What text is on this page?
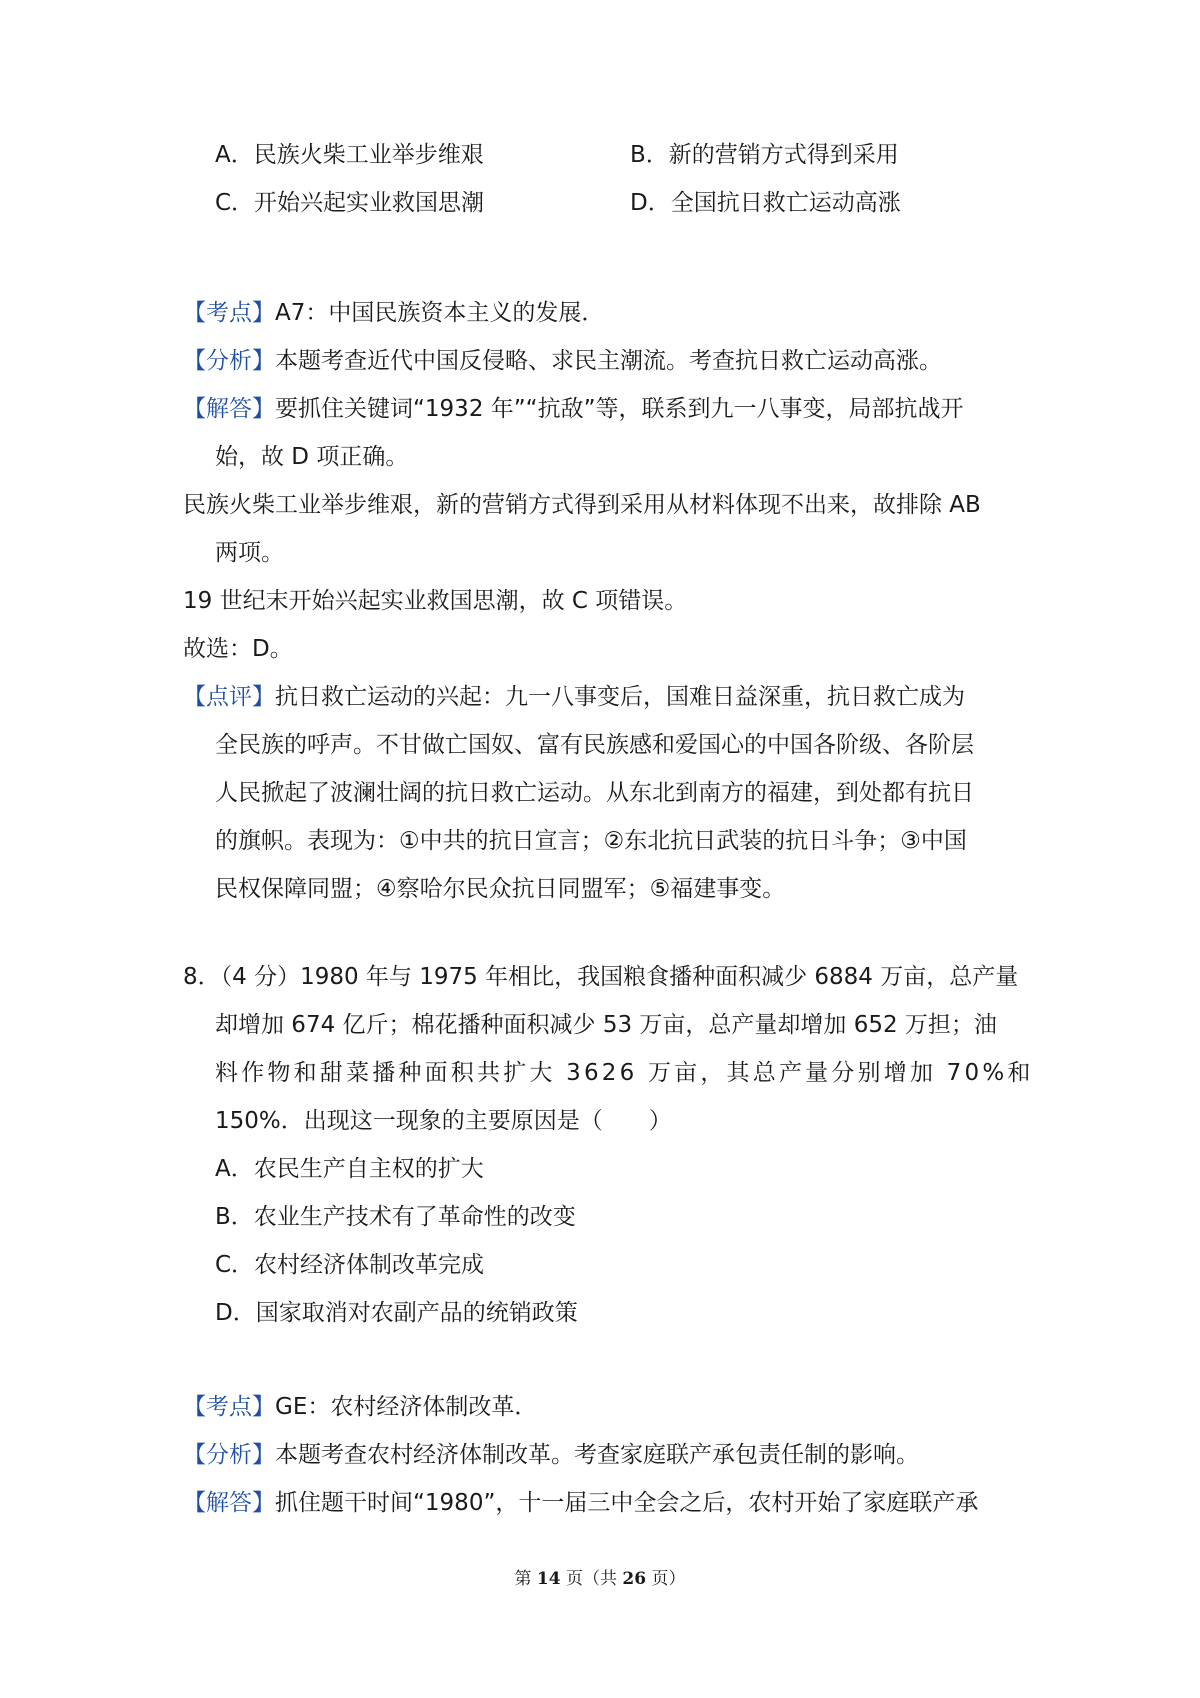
A．民族火柴工业举步维艰	B．新的营销方式得到采用
C．开始兴起实业救国思潮	D．全国抗日救亡运动高涨
【考点】A7：中国民族资本主义的发展．
【分析】本题考查近代中国反侵略、求民主潮流。考查抗日救亡运动高涨。
【解答】要抓住关键词“1932 年”“抗敌”等，联系到九一八事变，局部抗战开
始，故 D 项正确。
民族火柴工业举步维艰，新的营销方式得到采用从材料体现不出来，故排除 AB
两项。
19 世纪末开始兴起实业救国思潮，故 C 项错误。
故选：D。
【点评】抗日救亡运动的兴起：九一八事变后，国难日益深重，抗日救亡成为
全民族的呼声。不甘做亡国奴、富有民族感和爱国心的中国各阶级、各阶层
人民掀起了波澜壮阔的抗日救亡运动。从东北到南方的福建，到处都有抗日
的旗帜。表现为：①中共的抗日宣言；②东北抗日武装的抗日斗争；③中国
民权保障同盟；④察哈尔民众抗日同盟军；⑤福建事变。
8．（4 分）1980 年与 1975 年相比，我国粮食播种面积减少 6884 万亩，总产量
却增加 674 亿斤；棉花播种面积减少 53 万亩，总产量却增加 652 万担；油
料作物和甜菜播种面积共扩大 3626 万亩，其总产量分别增加 70%和
150%．出现这一现象的主要原因是（　　）
A．农民生产自主权的扩大
B．农业生产技术有了革命性的改变
C．农村经济体制改革完成
D．国家取消对农副产品的统销政策
【考点】GE：农村经济体制改革．
【分析】本题考查农村经济体制改革。考查家庭联产承包责任制的影响。
【解答】抓住题干时间“1980”，十一届三中全会之后，农村开始了家庭联产承
第 14 页（共 26 页）
